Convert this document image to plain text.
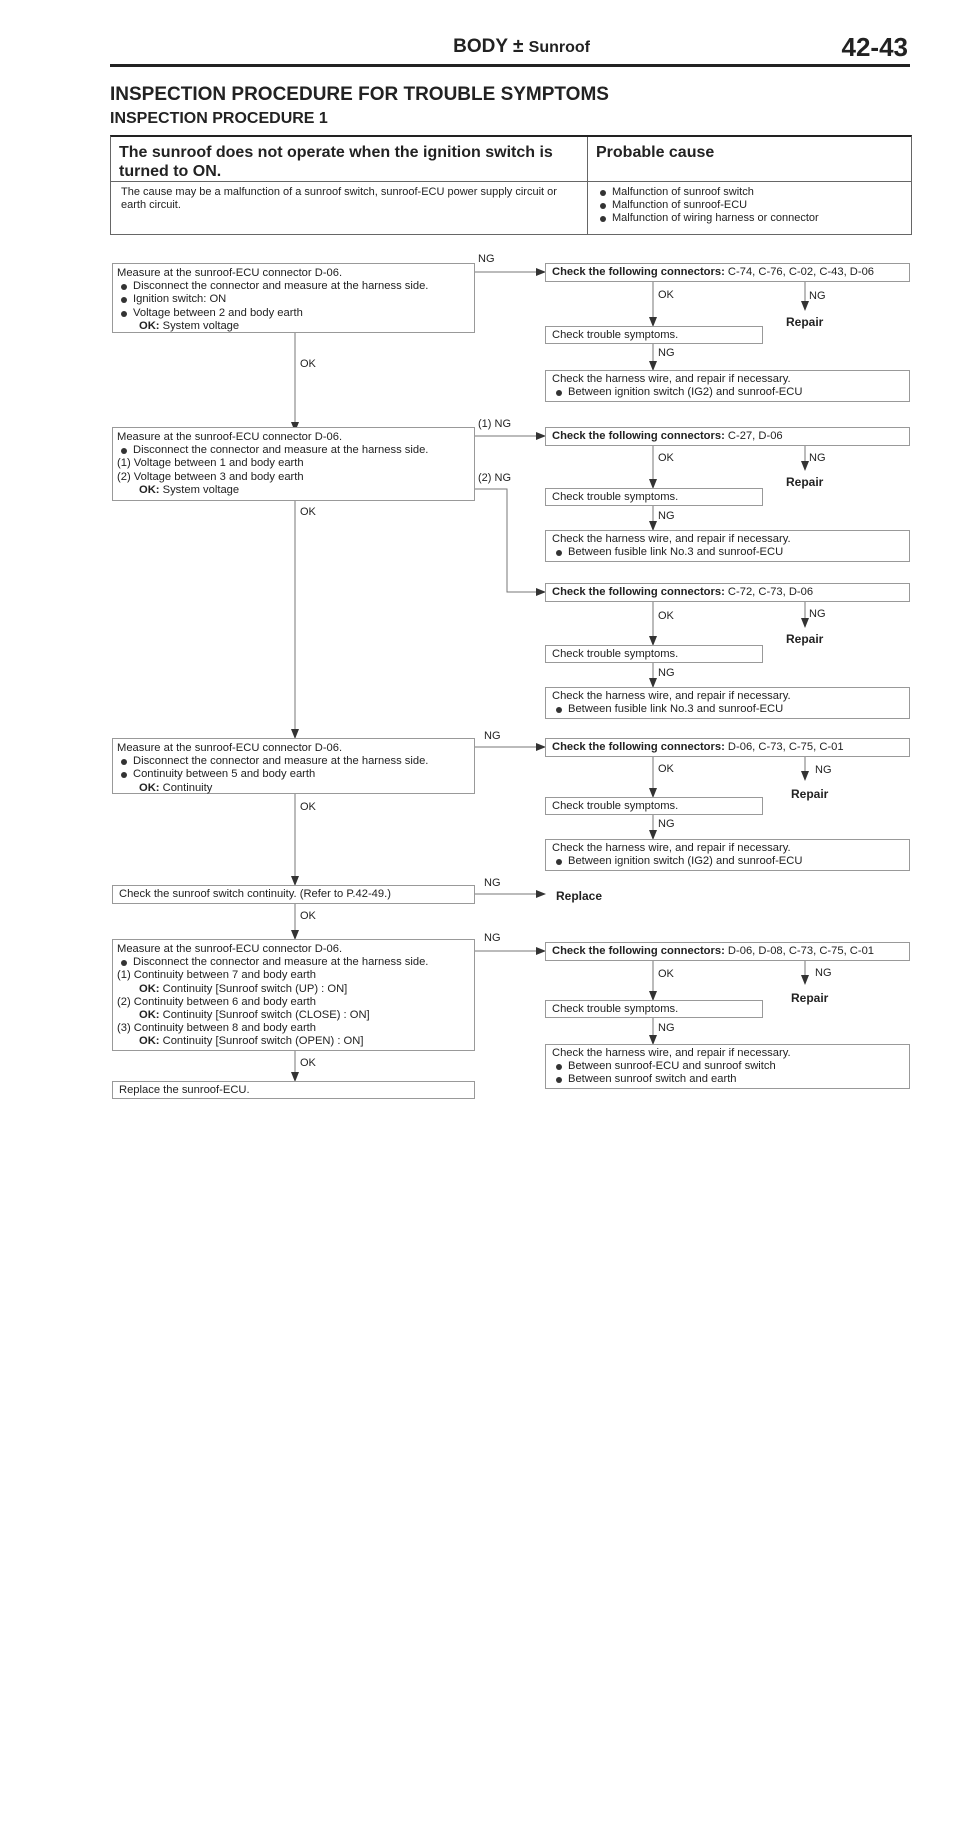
BODY ± Sunroof	42-43
INSPECTION PROCEDURE FOR TROUBLE SYMPTOMS
INSPECTION PROCEDURE 1
The sunroof does not operate when the ignition switch is turned to ON.
Probable cause
The cause may be a malfunction of a sunroof switch, sunroof-ECU power supply circuit or earth circuit.
Malfunction of sunroof switch
Malfunction of sunroof-ECU
Malfunction of wiring harness or connector
Measure at the sunroof-ECU connector D-06.
Disconnect the connector and measure at the harness side.
Ignition switch: ON
Voltage between 2 and body earth
OK: System voltage
NG
OK
Check the following connectors: C-74, C-76, C-02, C-43, D-06
OK	NG
Repair
Check trouble symptoms.
NG
Check the harness wire, and repair if necessary.
Between ignition switch (IG2) and sunroof-ECU
Measure at the sunroof-ECU connector D-06.
Disconnect the connector and measure at the harness side.
(1) Voltage between 1 and body earth
(2) Voltage between 3 and body earth
OK: System voltage
(1) NG
(2) NG
OK
Check the following connectors: C-27, D-06
OK	NG
Repair
Check trouble symptoms.
NG
Check the harness wire, and repair if necessary.
Between fusible link No.3 and sunroof-ECU
Check the following connectors: C-72, C-73, D-06
OK	NG
Repair
Check trouble symptoms.
NG
Check the harness wire, and repair if necessary.
Between fusible link No.3 and sunroof-ECU
Measure at the sunroof-ECU connector D-06.
Disconnect the connector and measure at the harness side.
Continuity between 5 and body earth
OK: Continuity
NG
OK
Check the following connectors: D-06, C-73, C-75, C-01
OK	NG
Repair
Check trouble symptoms.
NG
Check the harness wire, and repair if necessary.
Between ignition switch (IG2) and sunroof-ECU
Check the sunroof switch continuity. (Refer to P.42-49.)
NG
Replace
OK
Measure at the sunroof-ECU connector D-06.
Disconnect the connector and measure at the harness side.
(1) Continuity between 7 and body earth
OK: Continuity [Sunroof switch (UP) : ON]
(2) Continuity between 6 and body earth
OK: Continuity [Sunroof switch (CLOSE) : ON]
(3) Continuity between 8 and body earth
OK: Continuity [Sunroof switch (OPEN) : ON]
NG
OK
Check the following connectors: D-06, D-08, C-73, C-75, C-01
OK	NG
Repair
Check trouble symptoms.
NG
Check the harness wire, and repair if necessary.
Between sunroof-ECU and sunroof switch
Between sunroof switch and earth
Replace the sunroof-ECU.
